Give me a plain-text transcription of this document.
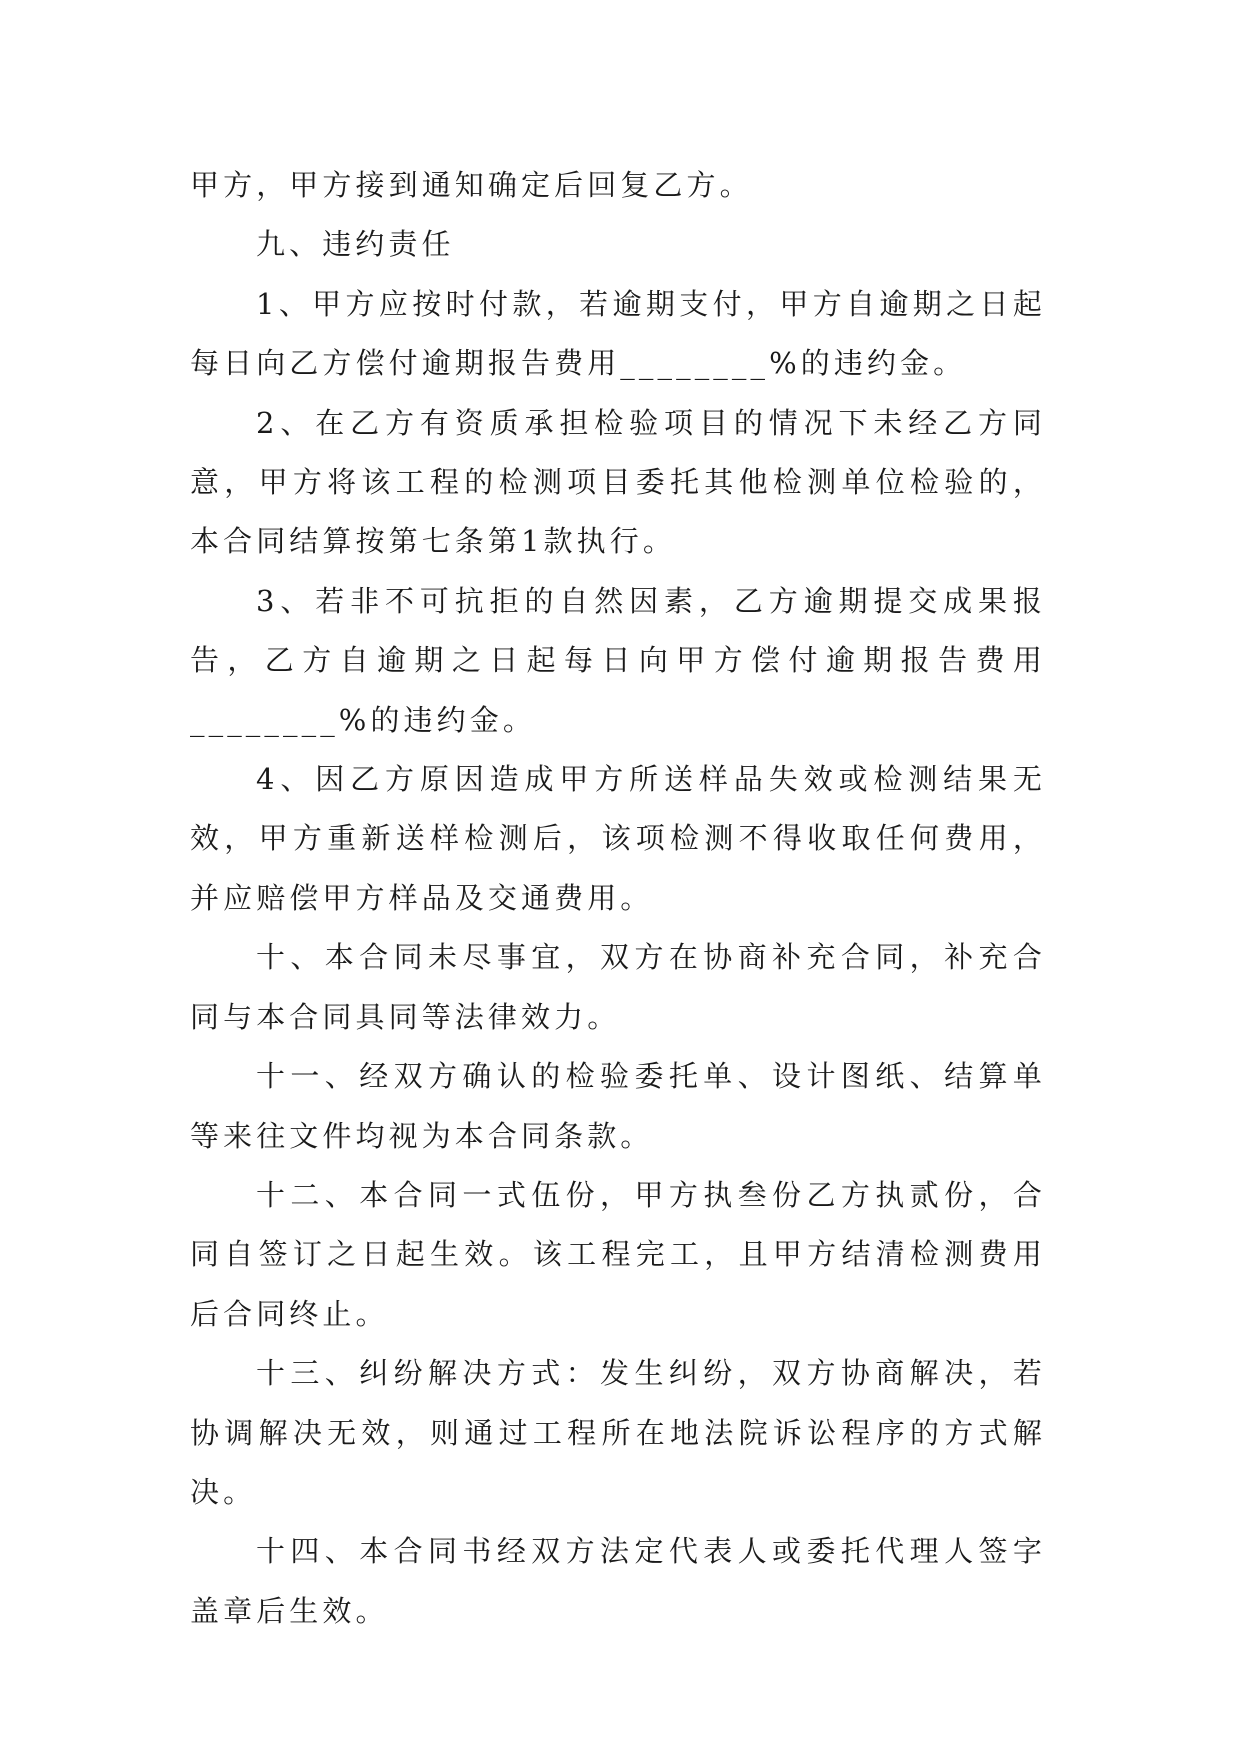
甲方，甲方接到通知确定后回复乙方。

九、违约责任

1、甲方应按时付款，若逾期支付，甲方自逾期之日起每日向乙方偿付逾期报告费用________%的违约金。

2、在乙方有资质承担检验项目的情况下未经乙方同意，甲方将该工程的检测项目委托其他检测单位检验的，本合同结算按第七条第1款执行。

3、若非不可抗拒的自然因素，乙方逾期提交成果报告，乙方自逾期之日起每日向甲方偿付逾期报告费用________%的违约金。

4、因乙方原因造成甲方所送样品失效或检测结果无效，甲方重新送样检测后，该项检测不得收取任何费用，并应赔偿甲方样品及交通费用。

十、本合同未尽事宜，双方在协商补充合同，补充合同与本合同具同等法律效力。

十一、经双方确认的检验委托单、设计图纸、结算单等来往文件均视为本合同条款。

十二、本合同一式伍份，甲方执叁份乙方执贰份，合同自签订之日起生效。该工程完工，且甲方结清检测费用后合同终止。

十三、纠纷解决方式：发生纠纷，双方协商解决，若协调解决无效，则通过工程所在地法院诉讼程序的方式解决。

十四、本合同书经双方法定代表人或委托代理人签字盖章后生效。
